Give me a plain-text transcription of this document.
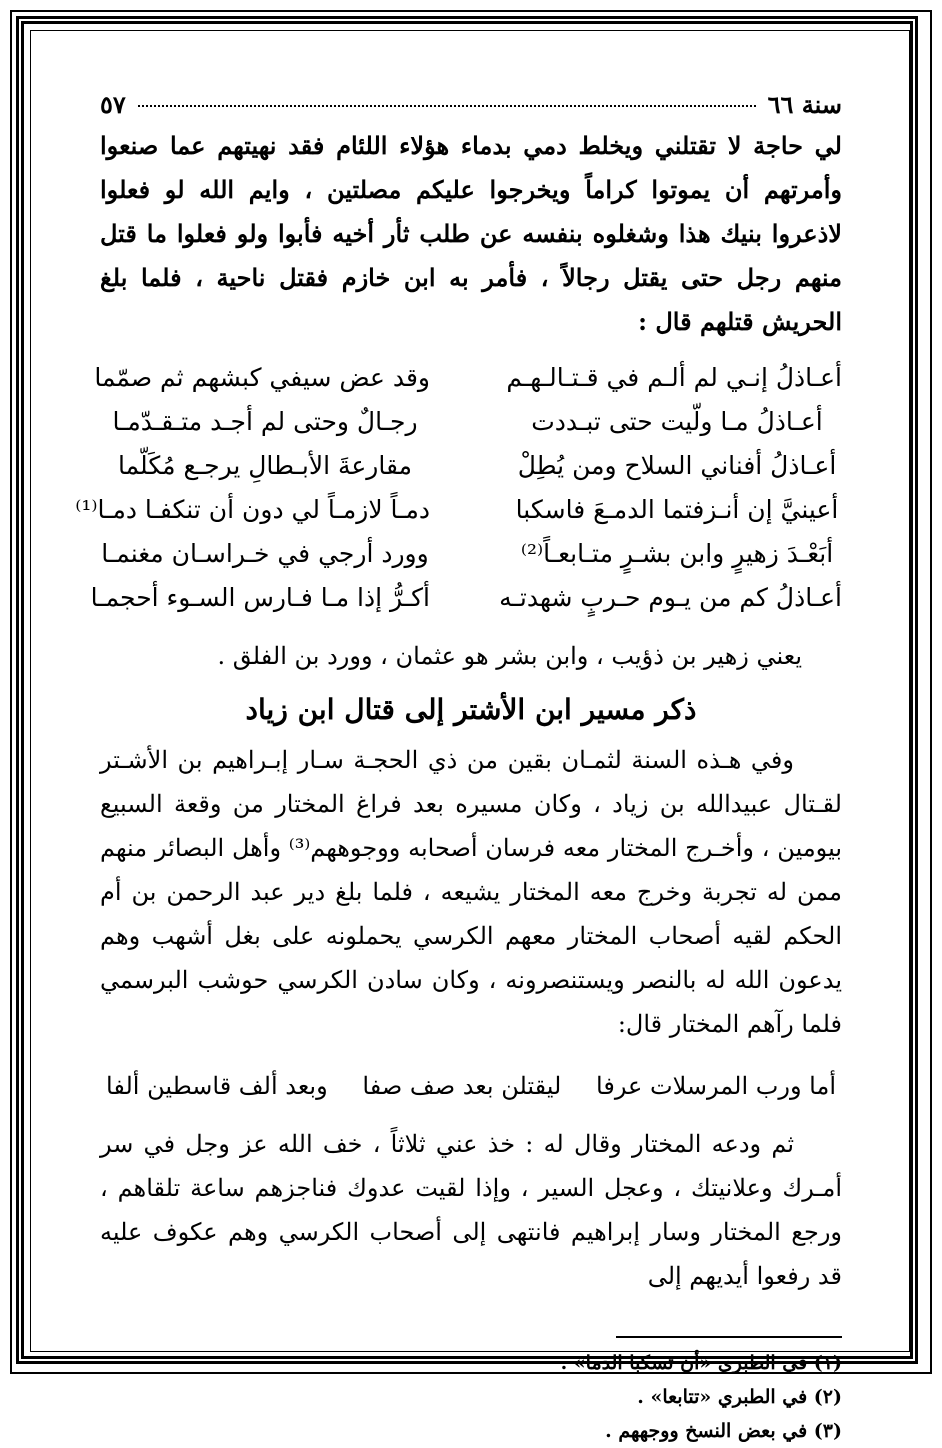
سنة ٦٦
٥٧

لي حاجة لا تقتلني ويخلط دمي بدماء هؤلاء اللئام فقد نهيتهم عما صنعوا وأمرتهم أن يموتوا كراماً ويخرجوا عليكم مصلتين ، وايم الله لو فعلوا لاذعروا بنيك هذا وشغلوه بنفسه عن طلب ثأر أخيه فأبوا ولو فعلوا ما قتل منهم رجل حتى يقتل رجالاً ، فأمر به ابن خازم فقتل ناحية ، فلما بلغ الحريش قتلهم قال :

أعـاذلُ إنـي لم ألـم في قـتـالـهـم
وقد عض سيفي كبشهم ثم صمّما
أعـاذلُ مـا ولّيت حتى تبـددت
رجـالٌ وحتى لم أجـد متـقـدّمـا
أعـاذلُ أفناني السلاح ومن يُطِلْ
مقارعةَ الأبـطالِ يرجـع مُكَلّما
أعينيَّ إن أنـزفتما الدمـعَ فاسكبا
دمـاً لازمـاً لي دون أن تنكفـا دمـا⁽¹⁾
أبَعْـدَ زهيرٍ وابن بشـرٍ متـابعـاً⁽²⁾
وورد أرجي في خـراسـان مغنمـا
أعـاذلُ كم من يـوم حـربٍ شهدتـه
أكـرُّ إذا مـا فـارس السـوء أحجمـا
يعني زهير بن ذؤيب ، وابن بشر هو عثمان ، وورد بن الفلق .
ذكر مسير ابن الأشتر إلى قتال ابن زياد

وفي هـذه السنة لثمـان بقين من ذي الحجـة سـار إبـراهيم بن الأشـتر لقـتال عبيدالله بن زياد ، وكان مسيره بعد فراغ المختار من وقعة السبيع بيومين ، وأخـرج المختار معه فرسان أصحابه ووجوههم⁽³⁾ وأهل البصائر منهم ممن له تجربة وخرج معه المختار يشيعه ، فلما بلغ دير عبد الرحمن بن أم الحكم لقيه أصحاب المختار معهم الكرسي يحملونه على بغل أشهب وهم يدعون الله له بالنصر ويستنصرونه ، وكان سادن الكرسي حوشب البرسمي فلما رآهم المختار قال:

أما ورب المرسلات عرفا
ليقتلن بعد صف صفا
وبعد ألف قاسطين ألفا

ثم ودعه المختار وقال له : خذ عني ثلاثاً ، خف الله عز وجل في سر أمـرك وعلانيتك ، وعجل السير ، وإذا لقيت عدوك فناجزهم ساعة تلقاهم ، ورجع المختار وسار إبراهيم فانتهى إلى أصحاب الكرسي وهم عكوف عليه قد رفعوا أيديهم إلى

(١) في الطبري «أن تسكبا الدما» .
(٢) في الطبري «تتابعا» .
(٣) في بعض النسخ ووجههم .
